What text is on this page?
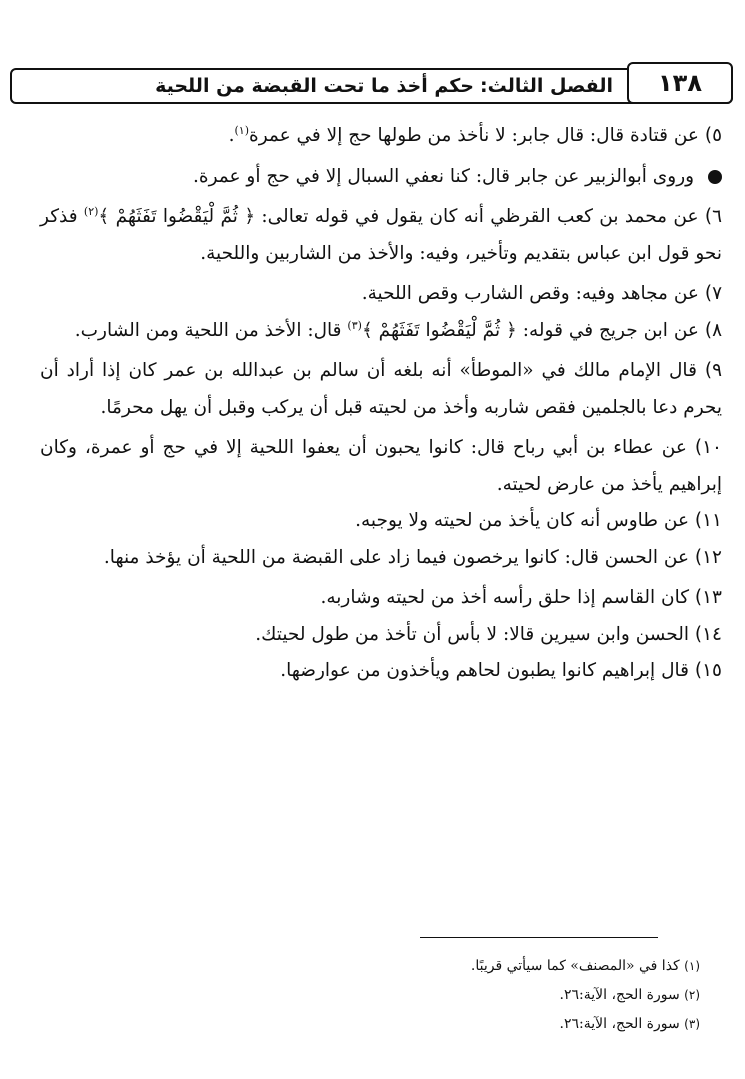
١٣٨
الفصل الثالث:
حكم أخذ ما تحت القبضة من اللحية

٥) عن قتادة قال: قال جابر: لا نأخذ من طولها حج إلا في عمرة$^{(١)}$.

وروى أبوالزبير عن جابر قال: كنا نعفي السبال إلا في حج أو عمرة.

٦) عن محمد بن كعب القرظي أنه كان يقول في قوله تعالى: ﴿ ثُمَّ لْيَقْضُوا تَفَثَهُمْ ﴾$^{(٢)}$ فذكر نحو قول ابن عباس بتقديم وتأخير، وفيه: والأخذ من الشاربين واللحية.

٧) عن مجاهد وفيه: وقص الشارب وقص اللحية.

٨) عن ابن جريج في قوله: ﴿ ثُمَّ لْيَقْضُوا تَفَثَهُمْ ﴾$^{(٣)}$ قال: الأخذ من اللحية ومن الشارب.

٩) قال الإمام مالك في «الموطأ» أنه بلغه أن سالم بن عبدالله بن عمر كان إذا أراد أن يحرم دعا بالجلمين فقص شاربه وأخذ من لحيته قبل أن يركب وقبل أن يهل محرمًا.

١٠) عن عطاء بن أبي رباح قال: كانوا يحبون أن يعفوا اللحية إلا في حج أو عمرة، وكان إبراهيم يأخذ من عارض لحيته.

١١) عن طاوس أنه كان يأخذ من لحيته ولا يوجبه.

١٢) عن الحسن قال: كانوا يرخصون فيما زاد على القبضة من اللحية أن يؤخذ منها.

١٣) كان القاسم إذا حلق رأسه أخذ من لحيته وشاربه.

١٤) الحسن وابن سيرين قالا: لا بأس أن تأخذ من طول لحيتك.

١٥) قال إبراهيم كانوا يطبون لحاهم ويأخذون من عوارضها.

(١) كذا في «المصنف» كما سيأتي قريبًا.

(٢) سورة الحج، الآية:٢٦.

(٣) سورة الحج، الآية:٢٦.
